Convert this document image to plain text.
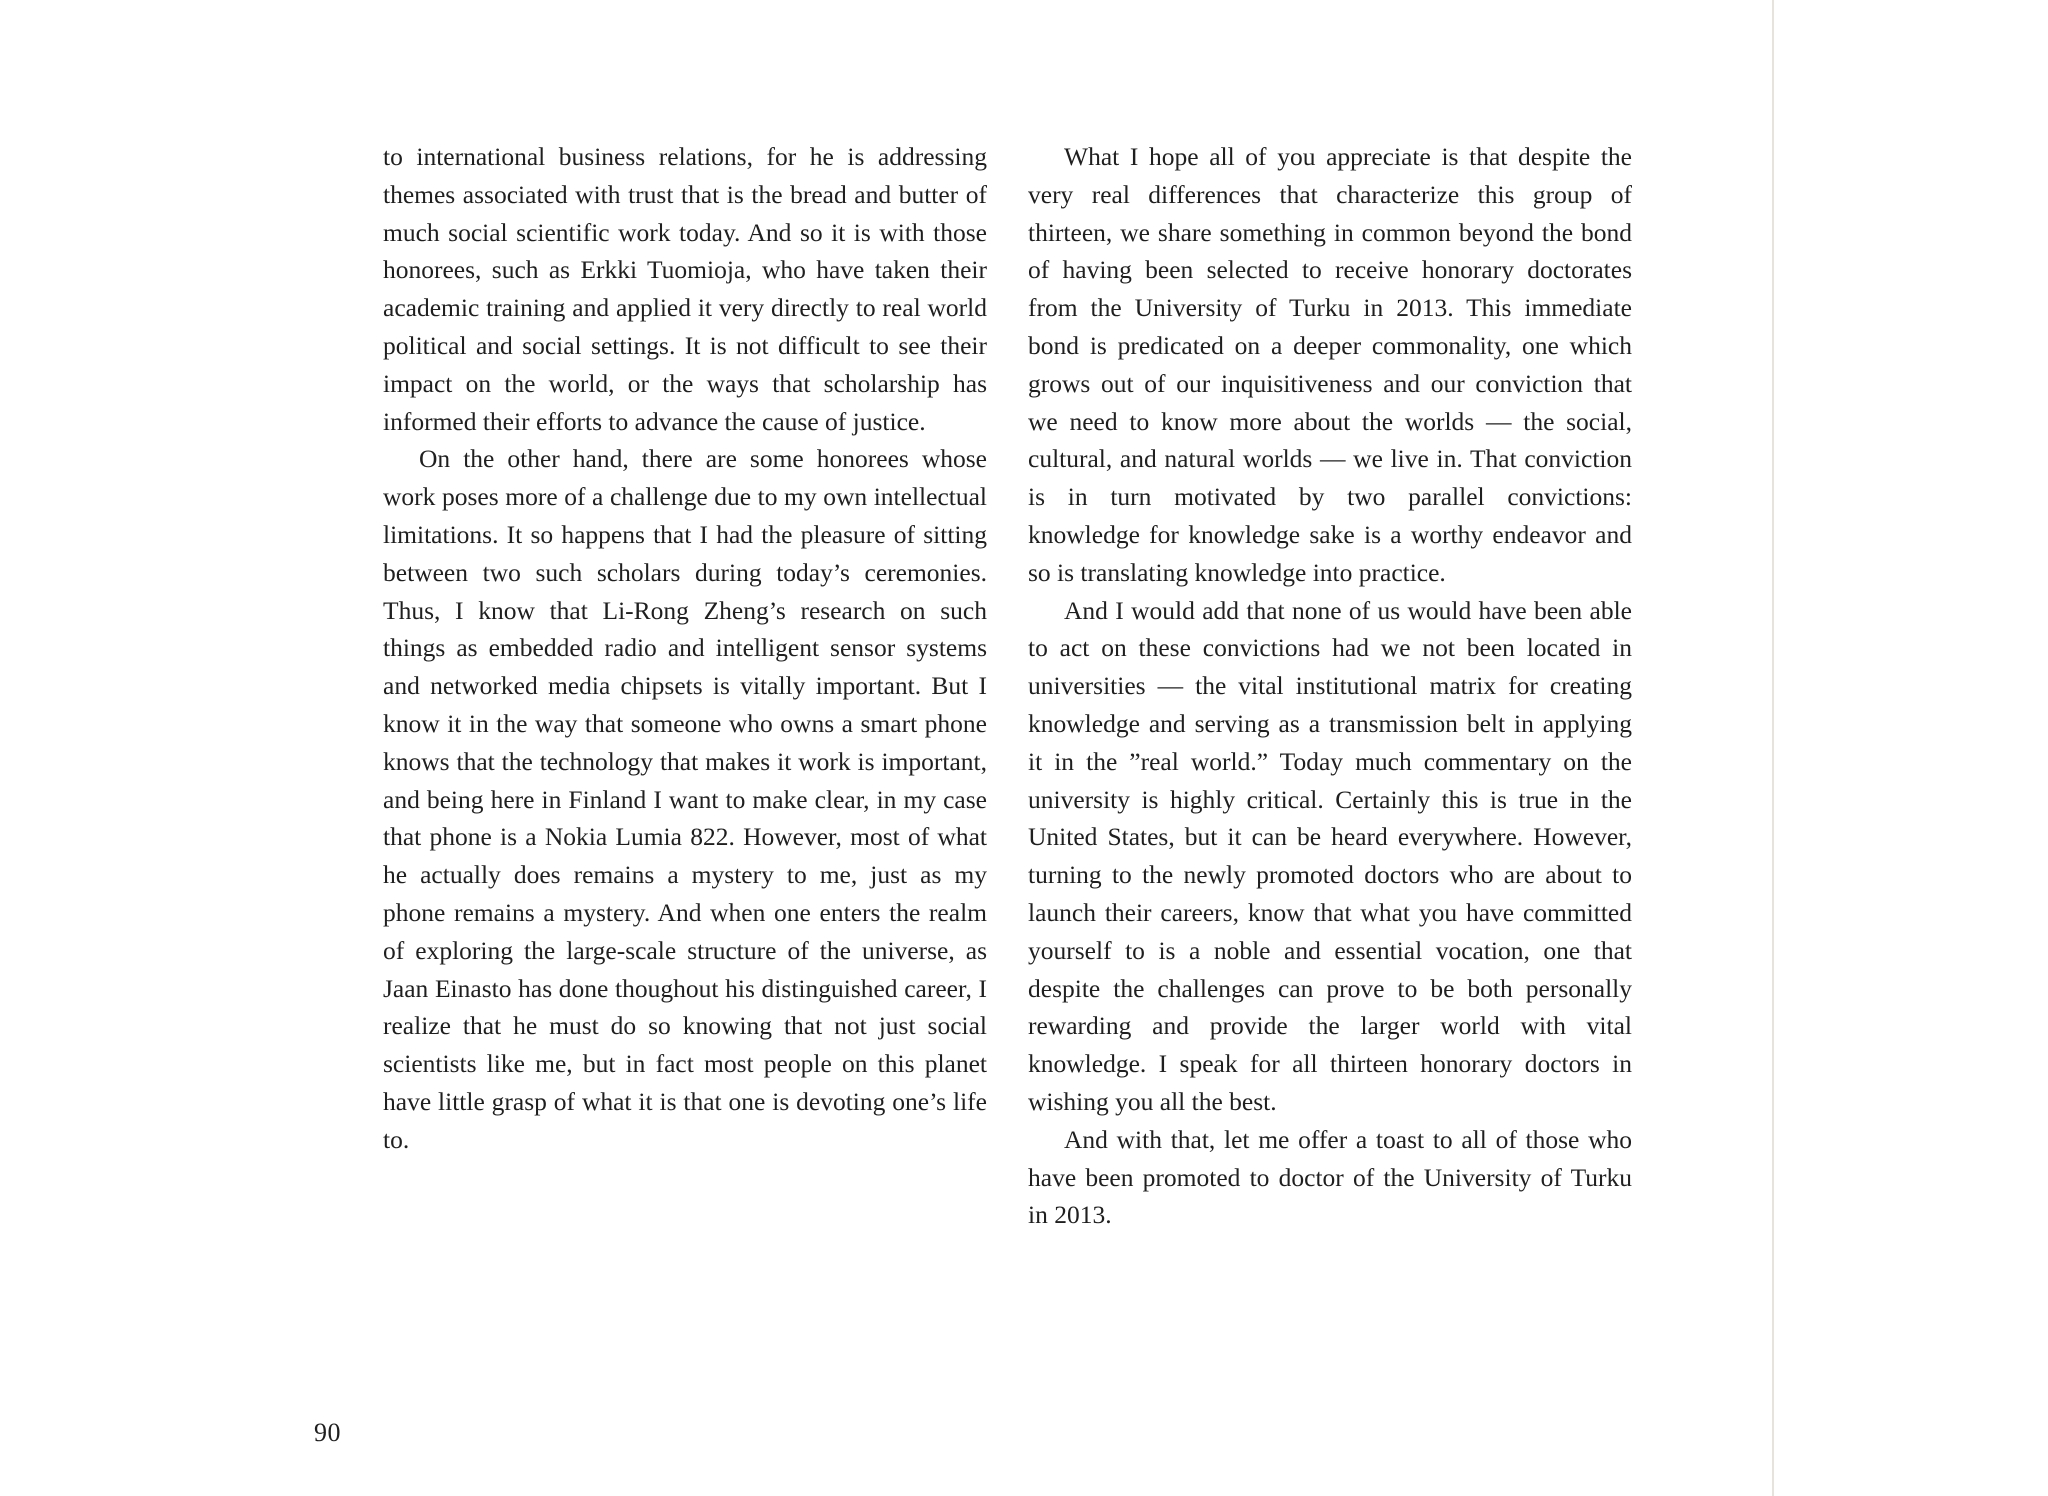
to international business relations, for he is addressing themes associated with trust that is the bread and butter of much social scientific work today. And so it is with those honorees, such as Erkki Tuomioja, who have taken their academic training and applied it very directly to real world political and social settings. It is not difficult to see their impact on the world, or the ways that scholarship has informed their efforts to advance the cause of justice.

On the other hand, there are some honorees whose work poses more of a challenge due to my own intellectual limitations. It so happens that I had the pleasure of sitting between two such scholars during today’s ceremonies. Thus, I know that Li-Rong Zheng’s research on such things as embedded radio and intelligent sensor systems and networked media chipsets is vitally important. But I know it in the way that someone who owns a smart phone knows that the technology that makes it work is important, and being here in Finland I want to make clear, in my case that phone is a Nokia Lumia 822. However, most of what he actually does remains a mystery to me, just as my phone remains a mystery. And when one enters the realm of exploring the large-scale structure of the universe, as Jaan Einasto has done thoughout his distinguished career, I realize that he must do so knowing that not just social scientists like me, but in fact most people on this planet have little grasp of what it is that one is devoting one’s life to.

What I hope all of you appreciate is that despite the very real differences that characterize this group of thirteen, we share something in common beyond the bond of having been selected to receive honorary doctorates from the University of Turku in 2013. This immediate bond is predicated on a deeper commonality, one which grows out of our inquisitiveness and our conviction that we need to know more about the worlds — the social, cultural, and natural worlds — we live in. That conviction is in turn motivated by two parallel convictions: knowledge for knowledge sake is a worthy endeavor and so is translating knowledge into practice.

And I would add that none of us would have been able to act on these convictions had we not been located in universities — the vital institutional matrix for creating knowledge and serving as a transmission belt in applying it in the ”real world.” Today much commentary on the university is highly critical. Certainly this is true in the United States, but it can be heard everywhere. However, turning to the newly promoted doctors who are about to launch their careers, know that what you have committed yourself to is a noble and essential vocation, one that despite the challenges can prove to be both personally rewarding and provide the larger world with vital knowledge. I speak for all thirteen honorary doctors in wishing you all the best.

And with that, let me offer a toast to all of those who have been promoted to doctor of the University of Turku in 2013.

90
